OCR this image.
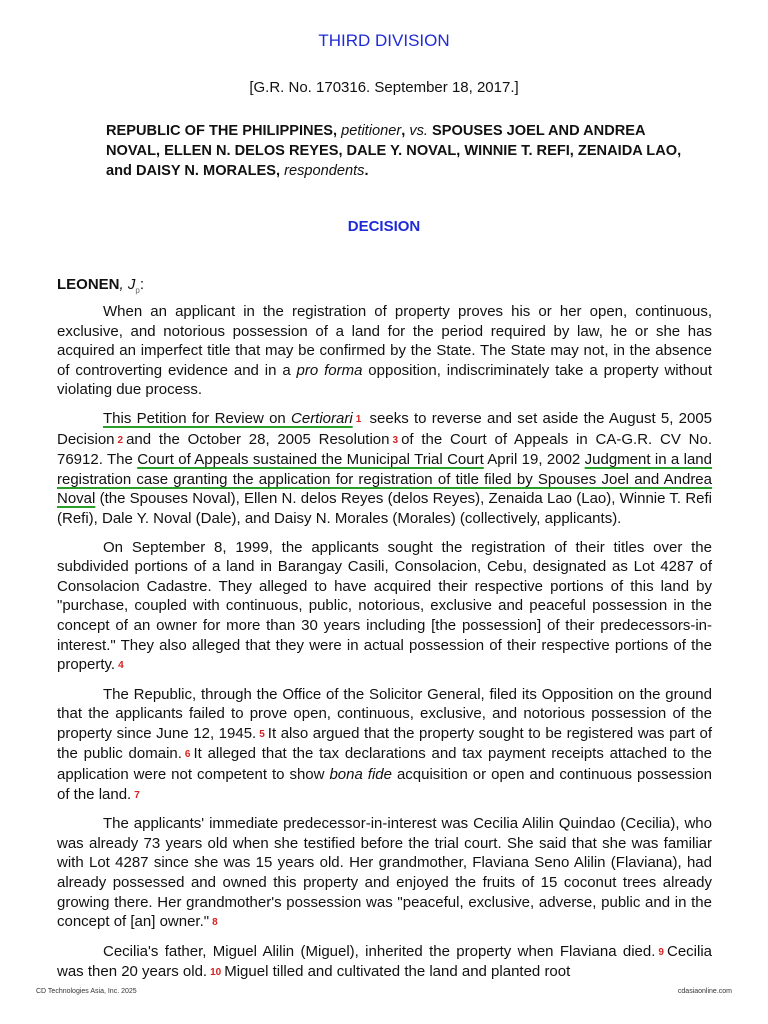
THIRD DIVISION
[G.R. No. 170316. September 18, 2017.]
REPUBLIC OF THE PHILIPPINES, petitioner, vs. SPOUSES JOEL AND ANDREA NOVAL, ELLEN N. DELOS REYES, DALE Y. NOVAL, WINNIE T. REFI, ZENAIDA LAO, and DAISY N. MORALES, respondents.
DECISION
LEONEN, $J_p$:

When an applicant in the registration of property proves his or her open, continuous, exclusive, and notorious possession of a land for the period required by law, he or she has acquired an imperfect title that may be confirmed by the State. The State may not, in the absence of controverting evidence and in a pro forma opposition, indiscriminately take a property without violating due process.

This Petition for Review on Certiorari 1 seeks to reverse and set aside the August 5, 2005 Decision 2 and the October 28, 2005 Resolution 3 of the Court of Appeals in CA-G.R. CV No. 76912. The Court of Appeals sustained the Municipal Trial Court April 19, 2002 Judgment in a land registration case granting the application for registration of title filed by Spouses Joel and Andrea Noval (the Spouses Noval), Ellen N. delos Reyes (delos Reyes), Zenaida Lao (Lao), Winnie T. Refi (Refi), Dale Y. Noval (Dale), and Daisy N. Morales (Morales) (collectively, applicants).

On September 8, 1999, the applicants sought the registration of their titles over the subdivided portions of a land in Barangay Casili, Consolacion, Cebu, designated as Lot 4287 of Consolacion Cadastre. They alleged to have acquired their respective portions of this land by "purchase, coupled with continuous, public, notorious, exclusive and peaceful possession in the concept of an owner for more than 30 years including [the possession] of their predecessors-in-interest." They also alleged that they were in actual possession of their respective portions of the property. 4

The Republic, through the Office of the Solicitor General, filed its Opposition on the ground that the applicants failed to prove open, continuous, exclusive, and notorious possession of the property since June 12, 1945. 5 It also argued that the property sought to be registered was part of the public domain. 6 It alleged that the tax declarations and tax payment receipts attached to the application were not competent to show bona fide acquisition or open and continuous possession of the land. 7

The applicants' immediate predecessor-in-interest was Cecilia Alilin Quindao (Cecilia), who was already 73 years old when she testified before the trial court. She said that she was familiar with Lot 4287 since she was 15 years old. Her grandmother, Flaviana Seno Alilin (Flaviana), had already possessed and owned this property and enjoyed the fruits of 15 coconut trees already growing there. Her grandmother's possession was "peaceful, exclusive, adverse, public and in the concept of [an] owner." 8

Cecilia's father, Miguel Alilin (Miguel), inherited the property when Flaviana died. 9 Cecilia was then 20 years old. 10 Miguel tilled and cultivated the land and planted root

CD Technologies Asia, Inc. 2025	cdasiaonline.com
